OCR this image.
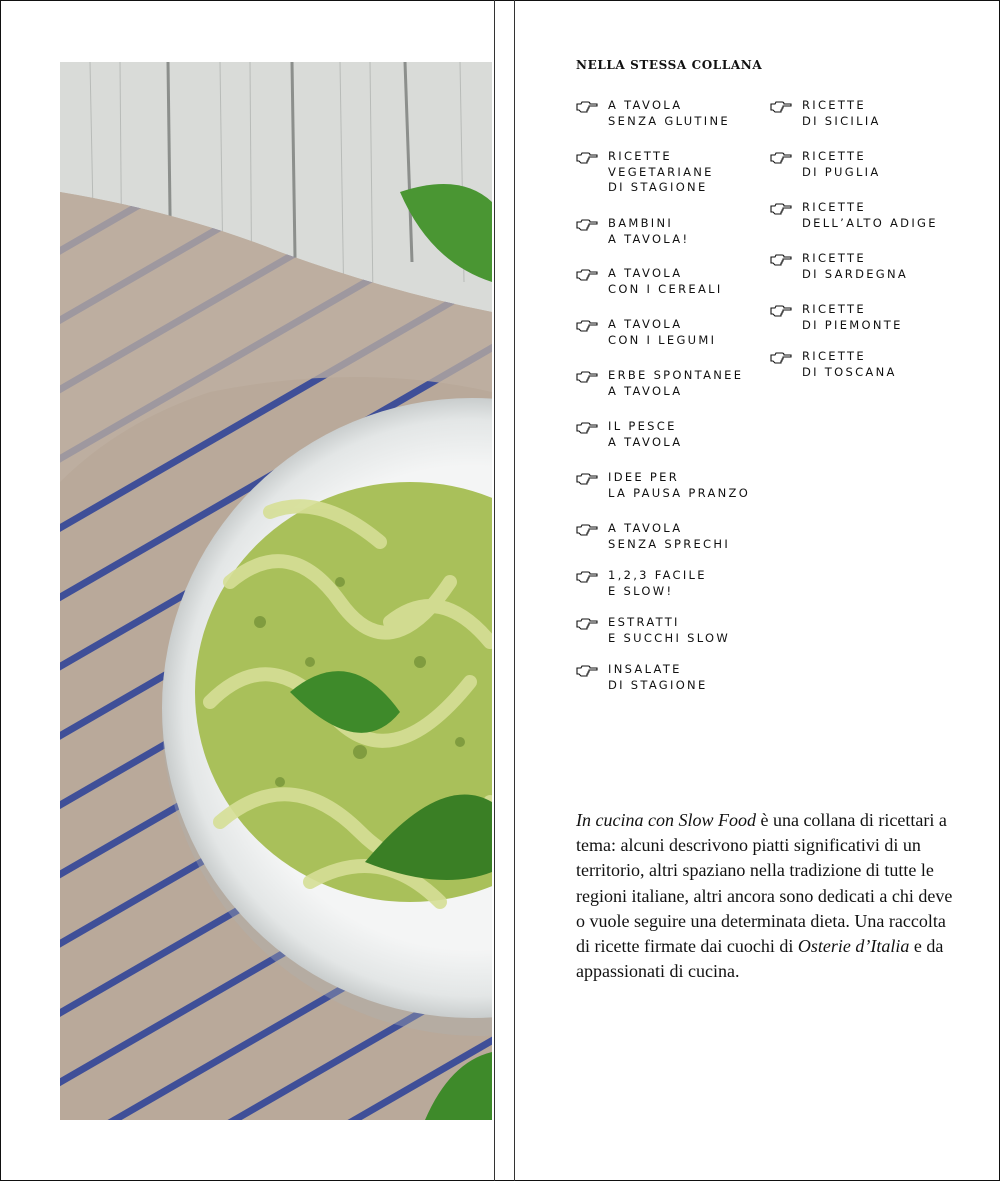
NELLA STESSA COLLANA
A TAVOLA
SENZA GLUTINE
RICETTE
VEGETARIANE
DI STAGIONE
BAMBINI
A TAVOLA!
A TAVOLA
CON I CEREALI
A TAVOLA
CON I LEGUMI
ERBE SPONTANEE
A TAVOLA
IL PESCE
A TAVOLA
IDEE PER
LA PAUSA PRANZO
A TAVOLA
SENZA SPRECHI
1,2,3 FACILE
E SLOW!
ESTRATTI
E SUCCHI SLOW
INSALATE
DI STAGIONE
RICETTE
DI SICILIA
RICETTE
DI PUGLIA
RICETTE
DELL’ALTO ADIGE
RICETTE
DI SARDEGNA
RICETTE
DI PIEMONTE
RICETTE
DI TOSCANA
In cucina con Slow Food è una collana di ricettari a tema: alcuni descrivono piatti significativi di un territorio, altri spaziano nella tradizione di tutte le regioni italiane, altri ancora sono dedicati a chi deve o vuole seguire una determinata dieta. Una raccolta di ricette firmate dai cuochi di Osterie d’Italia e da appassionati di cucina.
